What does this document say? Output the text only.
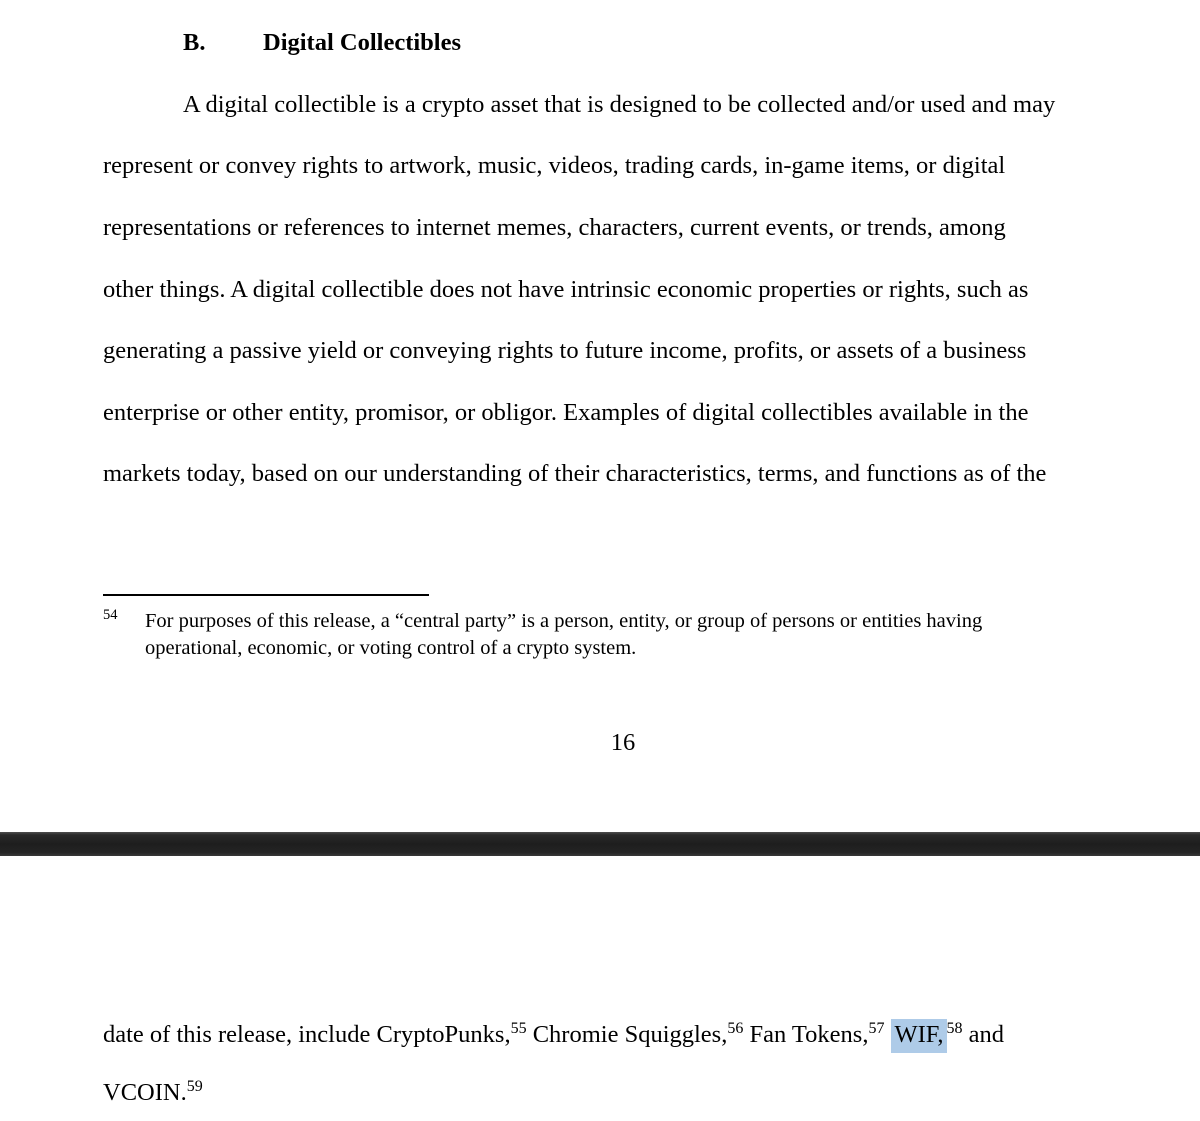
B. Digital Collectibles
A digital collectible is a crypto asset that is designed to be collected and/or used and may
represent or convey rights to artwork, music, videos, trading cards, in-game items, or digital
representations or references to internet memes, characters, current events, or trends, among
other things. A digital collectible does not have intrinsic economic properties or rights, such as
generating a passive yield or conveying rights to future income, profits, or assets of a business
enterprise or other entity, promisor, or obligor. Examples of digital collectibles available in the
markets today, based on our understanding of their characteristics, terms, and functions as of the
54 For purposes of this release, a “central party” is a person, entity, or group of persons or entities having
operational, economic, or voting control of a crypto system.
16
date of this release, include CryptoPunks, 55 Chromie Squiggles, 56 Fan Tokens, 57 WIF, 58 and
VCOIN. 59
